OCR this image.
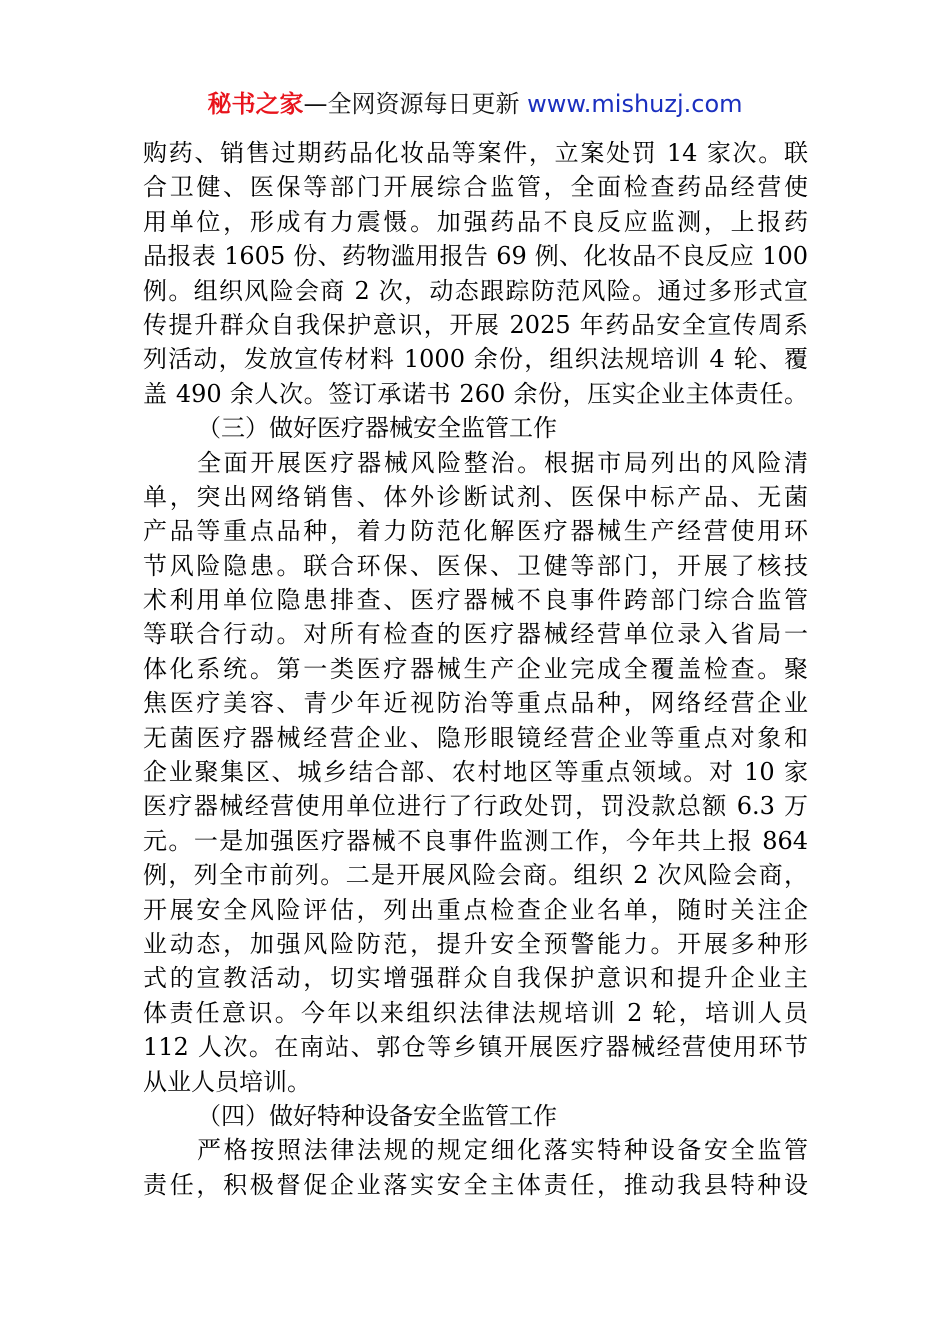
秘书之家—全网资源每日更新 www.mishuzj.com
购药、销售过期药品化妆品等案件，立案处罚 14 家次。联
合卫健、医保等部门开展综合监管，全面检查药品经营使
用单位，形成有力震慑。加强药品不良反应监测，上报药
品报表 1605 份、药物滥用报告 69 例、化妆品不良反应 100
例。组织风险会商 2 次，动态跟踪防范风险。通过多形式宣
传提升群众自我保护意识，开展 2025 年药品安全宣传周系
列活动，发放宣传材料 1000 余份，组织法规培训 4 轮、覆
盖 490 余人次。签订承诺书 260 余份，压实企业主体责任。
（三）做好医疗器械安全监管工作
全面开展医疗器械风险整治。根据市局列出的风险清
单，突出网络销售、体外诊断试剂、医保中标产品、无菌
产品等重点品种，着力防范化解医疗器械生产经营使用环
节风险隐患。联合环保、医保、卫健等部门，开展了核技
术利用单位隐患排查、医疗器械不良事件跨部门综合监管
等联合行动。对所有检查的医疗器械经营单位录入省局一
体化系统。第一类医疗器械生产企业完成全覆盖检查。聚
焦医疗美容、青少年近视防治等重点品种，网络经营企业
无菌医疗器械经营企业、隐形眼镜经营企业等重点对象和
企业聚集区、城乡结合部、农村地区等重点领域。对 10 家
医疗器械经营使用单位进行了行政处罚，罚没款总额 6.3 万
元。一是加强医疗器械不良事件监测工作，今年共上报 864
例，列全市前列。二是开展风险会商。组织 2 次风险会商，
开展安全风险评估，列出重点检查企业名单，随时关注企
业动态，加强风险防范，提升安全预警能力。开展多种形
式的宣教活动，切实增强群众自我保护意识和提升企业主
体责任意识。今年以来组织法律法规培训 2 轮，培训人员
112 人次。在南站、郭仓等乡镇开展医疗器械经营使用环节
从业人员培训。
（四）做好特种设备安全监管工作
严格按照法律法规的规定细化落实特种设备安全监管
责任，积极督促企业落实安全主体责任，推动我县特种设
